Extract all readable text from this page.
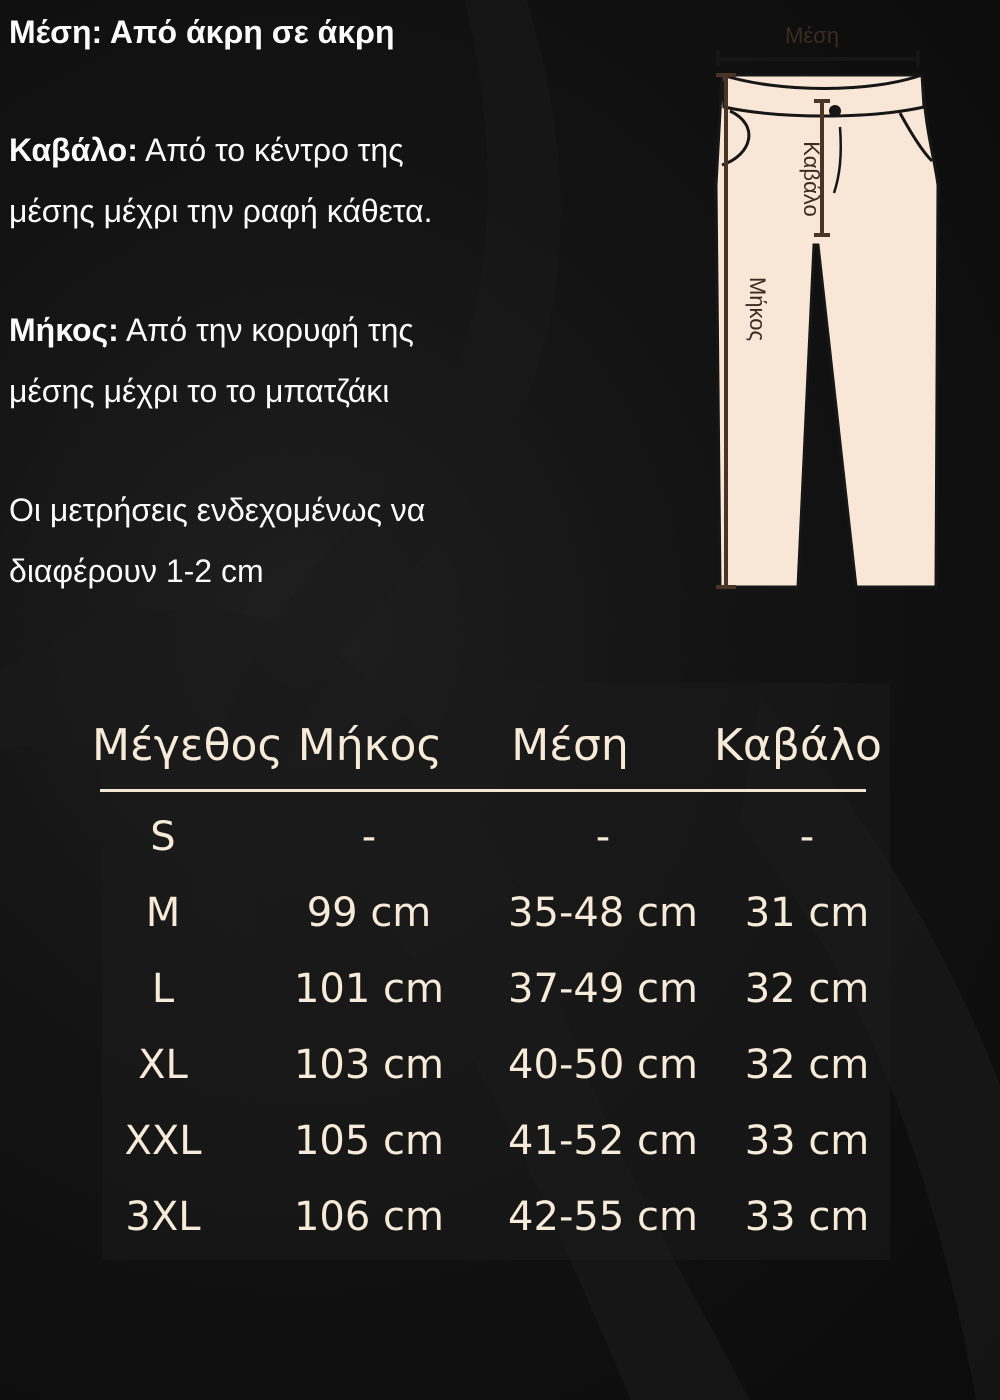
Μέση: Από άκρη σε άκρη
Καβάλο: Από το κέντρο της
μέσης μέχρι την ραφή κάθετα.
Μήκος: Από την κορυφή της
μέσης μέχρι το το μπατζάκι
Οι μετρήσεις ενδεχομένως να
διαφέρουν 1-2 cm
Μέση
Καβάλο
Μήκος
Μέγεθος Μήκος Μέση Καβάλο
S	-	-	-
M	99 cm	35-48 cm	31 cm
L	101 cm	37-49 cm	32 cm
XL	103 cm	40-50 cm	32 cm
XXL	105 cm	41-52 cm	33 cm
3XL	106 cm	42-55 cm	33 cm
